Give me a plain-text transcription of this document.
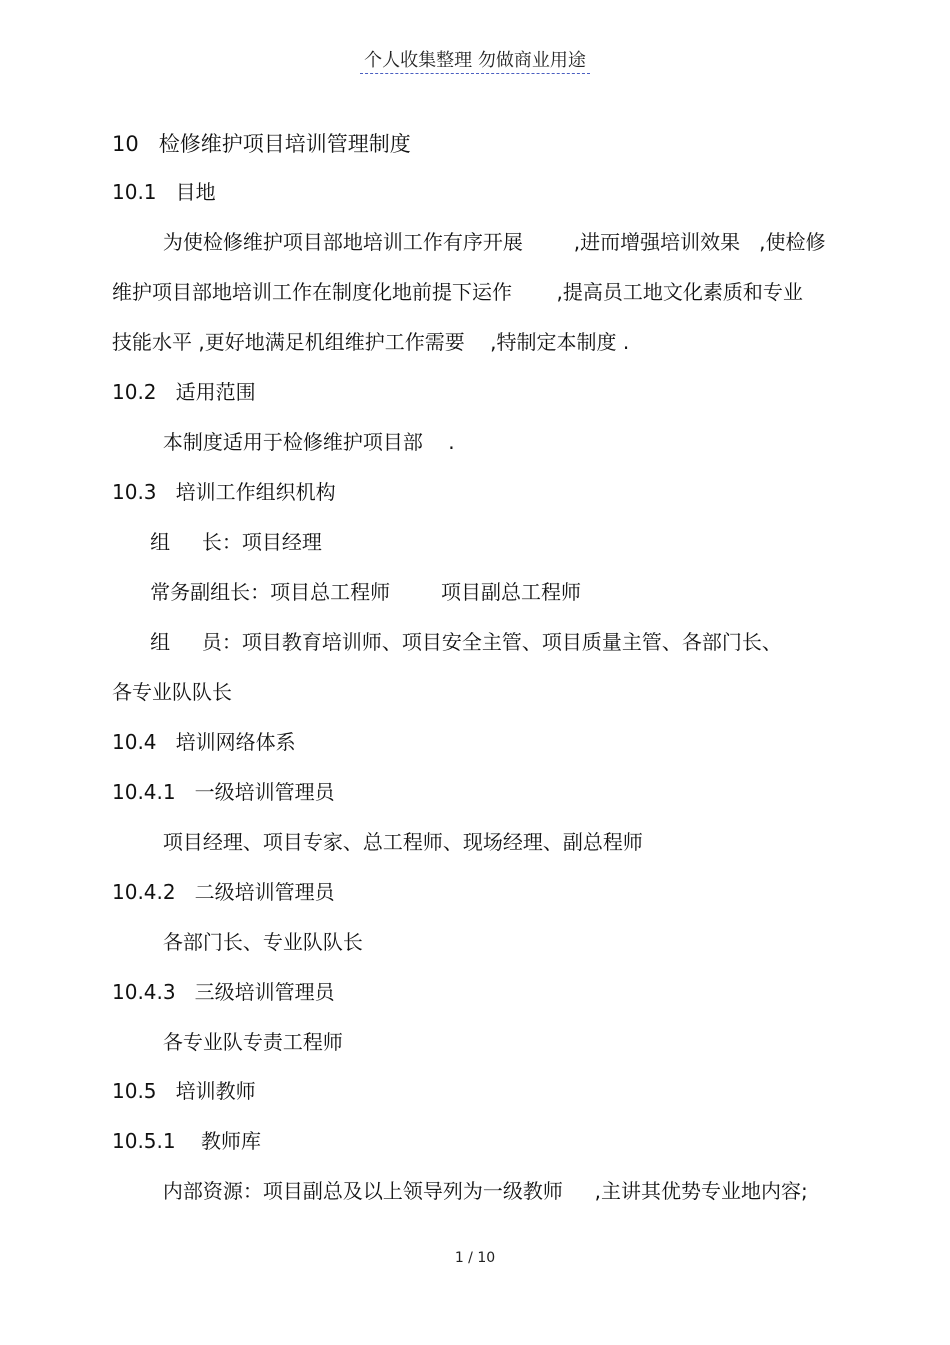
个人收集整理 勿做商业用途
10   检修维护项目培训管理制度
10.1   目地
为使检修维护项目部地培训工作有序开展        ,进而增强培训效果   ,使检修
维护项目部地培训工作在制度化地前提下运作       ,提高员工地文化素质和专业
技能水平 ,更好地满足机组维护工作需要    ,特制定本制度 .
10.2   适用范围
本制度适用于检修维护项目部    .
10.3   培训工作组织机构
组     长：项目经理
常务副组长：项目总工程师        项目副总工程师
组     员：项目教育培训师、项目安全主管、项目质量主管、各部门长、
各专业队队长
10.4   培训网络体系
10.4.1   一级培训管理员
项目经理、项目专家、总工程师、现场经理、副总程师
10.4.2   二级培训管理员
各部门长、专业队队长
10.4.3   三级培训管理员
各专业队专责工程师
10.5   培训教师
10.5.1    教师库
内部资源：项目副总及以上领导列为一级教师     ,主讲其优势专业地内容;
1 / 10
